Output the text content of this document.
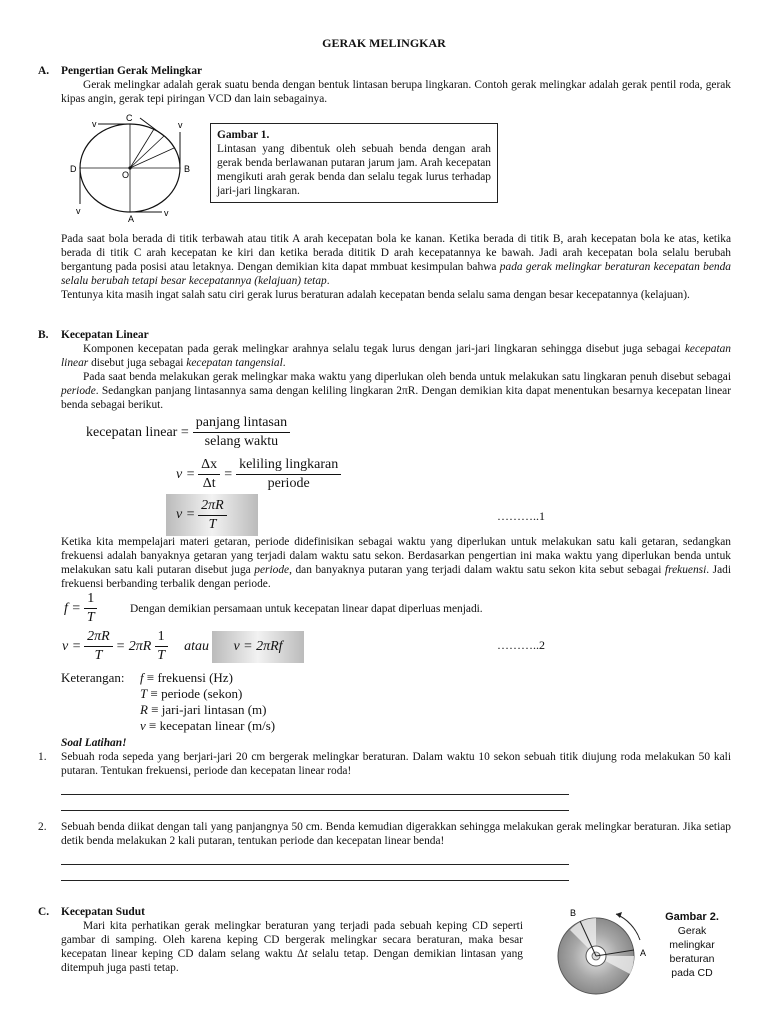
GERAK MELINGKAR
A. Pengertian Gerak Melingkar
Gerak melingkar adalah gerak suatu benda dengan bentuk lintasan berupa lingkaran. Contoh gerak melingkar adalah gerak pentil roda, gerak kipas angin, gerak tepi piringan VCD dan lain sebagainya.
C
D	B
A
O
v	v
v
v
Gambar 1.

Lintasan yang dibentuk oleh sebuah benda dengan arah gerak benda berlawanan putaran jarum jam. Arah kecepatan mengikuti arah gerak benda dan selalu tegak lurus terhadap jari-jari lingkaran.

Pada saat bola berada di titik terbawah atau titik A arah kecepatan bola ke kanan. Ketika berada di titik B, arah kecepatan bola ke atas, ketika berada di titik C arah kecepatan ke kiri dan ketika berada dititik D arah kecepatannya ke bawah. Jadi arah kecepatan bola selalu berubah bergantung pada posisi atau letaknya. Dengan demikian kita dapat mmbuat kesimpulan bahwa pada gerak melingkar beraturan kecepatan benda selalu berubah tetapi besar kecepatannya (kelajuan) tetap.
Tentunya kita masih ingat salah satu ciri gerak lurus beraturan adalah kecepatan benda selalu sama dengan besar kecepatannya (kelajuan).
B. Kecepatan Linear
Komponen kecepatan pada gerak melingkar arahnya selalu tegak lurus dengan jari-jari lingkaran sehingga disebut juga sebagai kecepatan linear disebut juga sebagai kecepatan tangensial.
Pada saat benda melakukan gerak melingkar maka waktu yang diperlukan oleh benda untuk melakukan satu lingkaran penuh disebut sebagai periode. Sedangkan panjang lintasannya sama dengan keliling lingkaran 2πR. Dengan demikian kita dapat menentukan besarnya kecepatan linear benda sebagai berikut.
kecepatan linear = $\frac{\text{panjang lintasan}}{\text{selang waktu}}$
$v = \frac{\Delta x}{\Delta t} = \frac{\text{keliling lingkaran}}{\text{periode}}$
$v = \frac{2\pi R}{T}$	………..1
Ketika kita mempelajari materi getaran, periode didefinisikan sebagai waktu yang diperlukan untuk melakukan satu kali getaran, sedangkan frekuensi adalah banyaknya getaran yang terjadi dalam waktu satu sekon. Berdasarkan pengertian ini maka waktu yang diperlukan benda untuk melakukan satu kali putaran disebut juga periode, dan banyaknya putaran yang terjadi dalam waktu satu sekon kita sebut sebagai frekuensi. Jadi frekuensi berbanding terbalik dengan periode.
$f = \frac{1}{T}$	Dengan demikian persamaan untuk kecepatan linear dapat diperluas menjadi.
$v = \frac{2\pi R}{T} = 2\pi R \frac{1}{T}$ atau v = 2πRf	………..2
Keterangan: f ≡ frekuensi (Hz)
T ≡ periode (sekon)
R ≡ jari-jari lintasan (m)
v ≡ kecepatan linear (m/s)
Soal Latihan!
1. Sebuah roda sepeda yang berjari-jari 20 cm bergerak melingkar beraturan. Dalam waktu 10 sekon sebuah titik diujung roda melakukan 50 kali putaran. Tentukan frekuensi, periode dan kecepatan linear roda!
2. Sebuah benda diikat dengan tali yang panjangnya 50 cm. Benda kemudian digerakkan sehingga melakukan gerak melingkar beraturan. Jika setiap detik benda melakukan 2 kali putaran, tentukan periode dan kecepatan linear benda!
C. Kecepatan Sudut
Mari kita perhatikan gerak melingkar beraturan yang terjadi pada sebuah keping CD seperti gambar di samping. Oleh karena keping CD bergerak melingkar secara beraturan, maka besar kecepatan linear keping CD dalam selang waktu Δt selalu tetap. Dengan demikian lintasan yang ditempuh juga pasti tetap.
B
A
Gambar 2.
Gerak
melingkar
beraturan
pada CD
